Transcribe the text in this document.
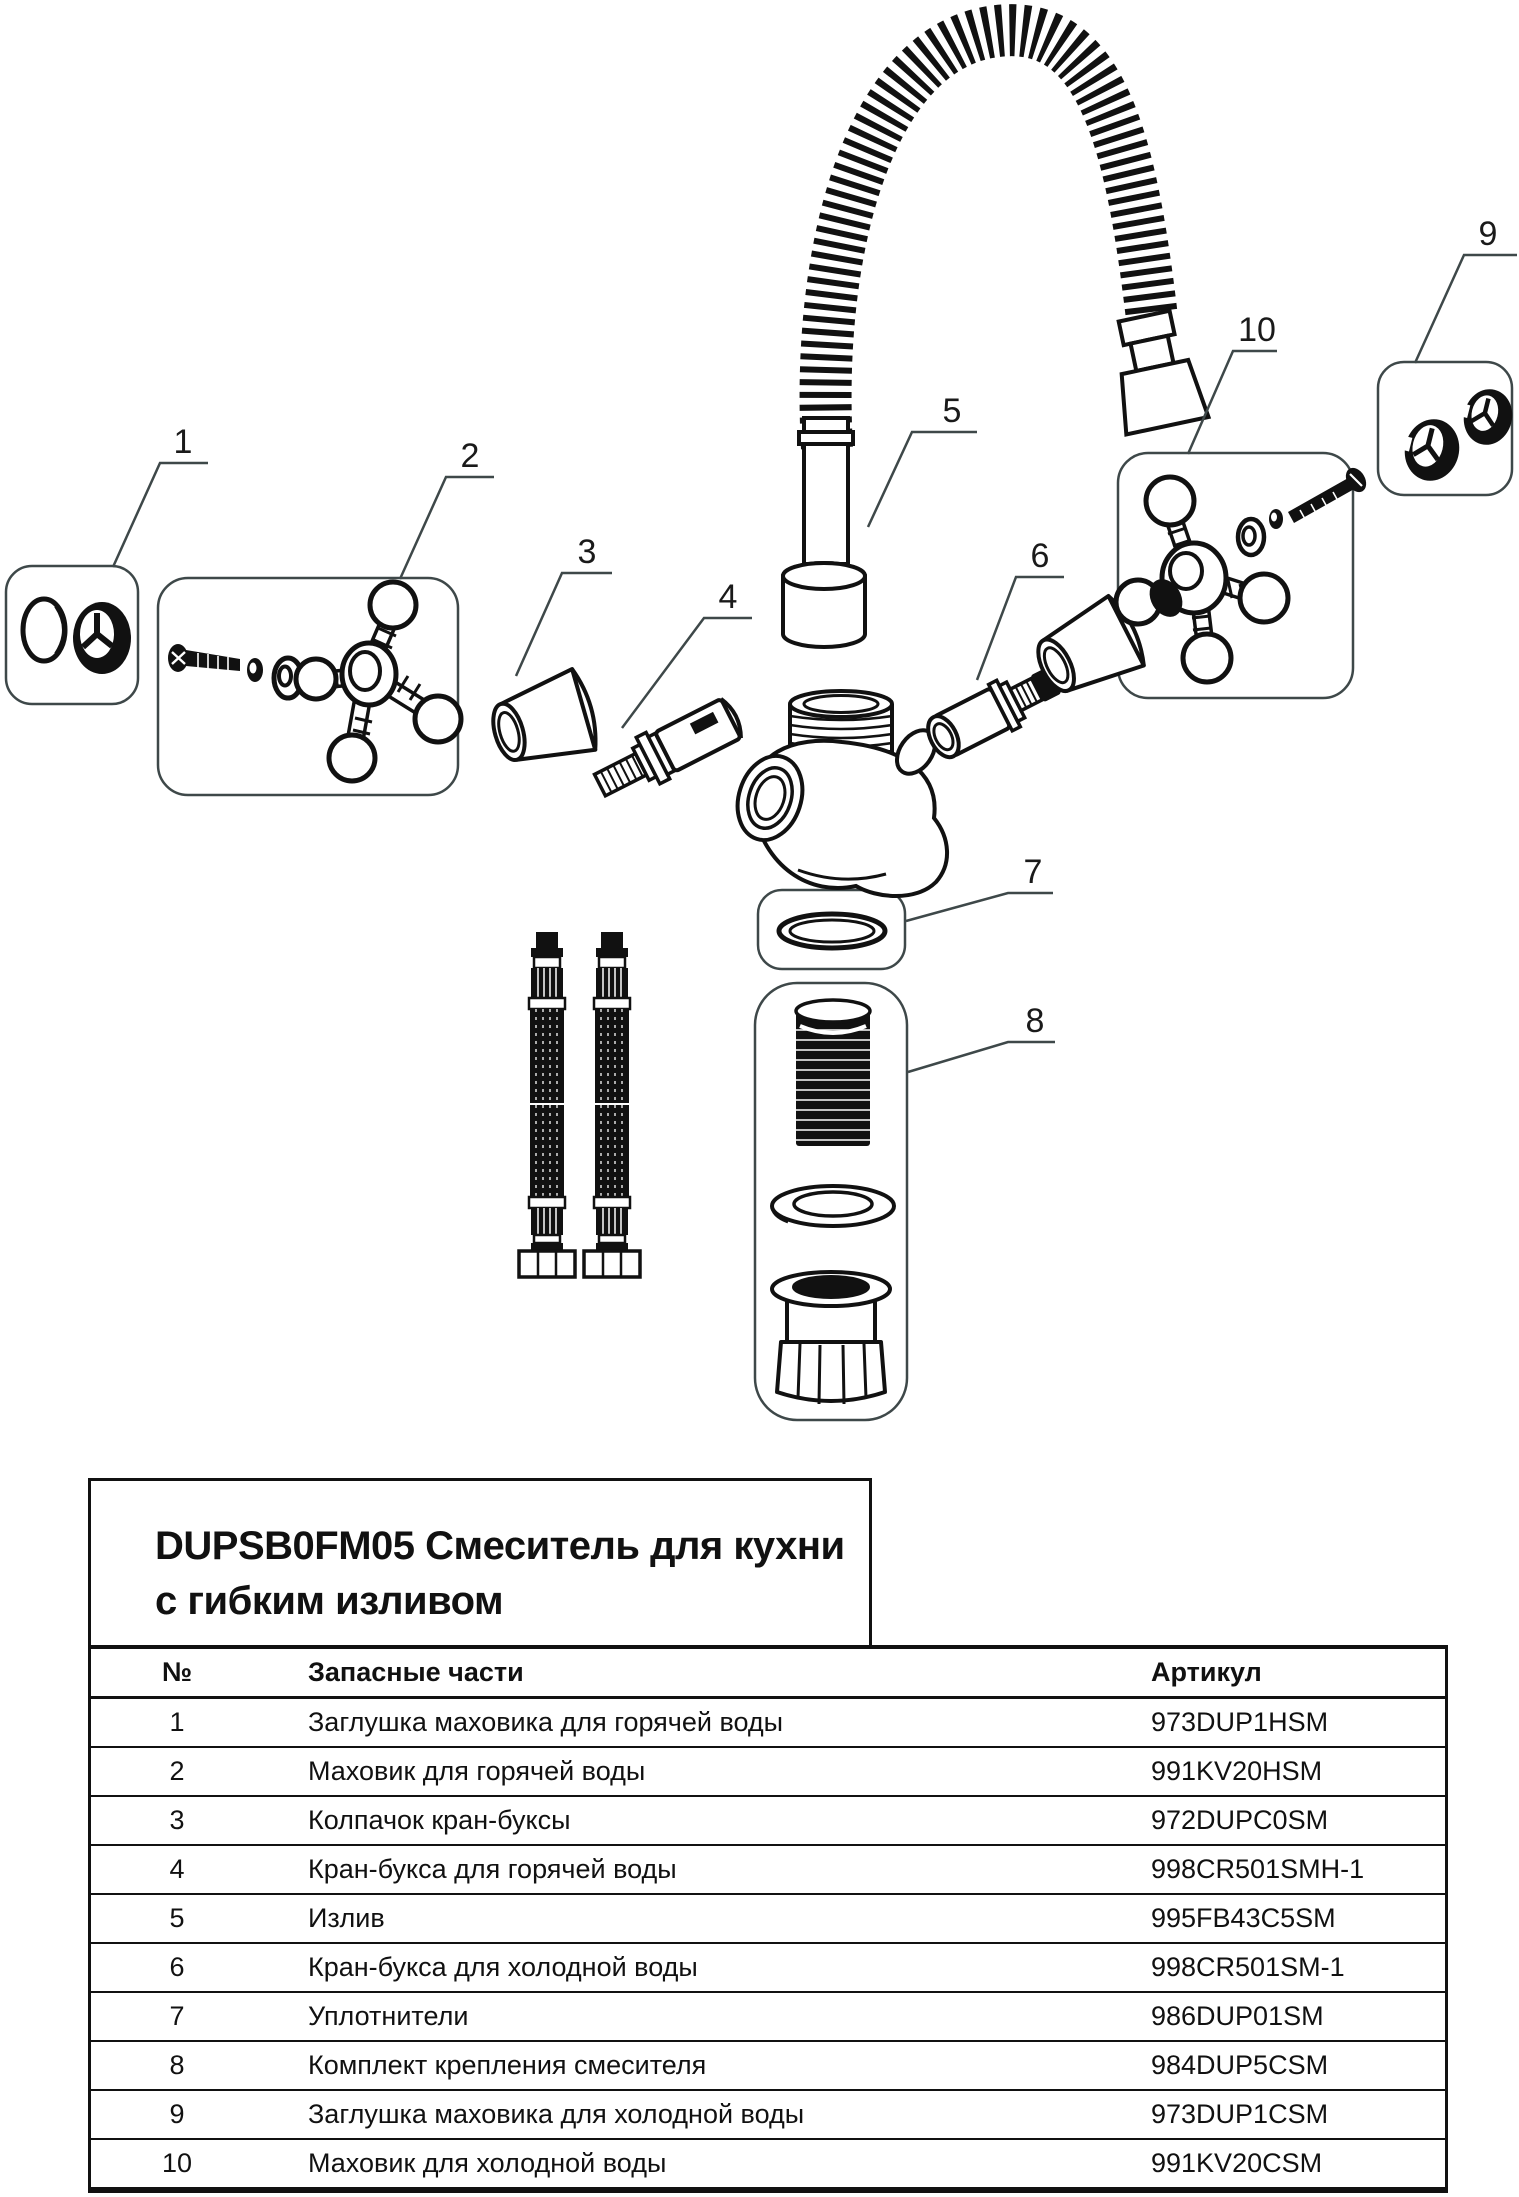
1	2
3
4
5
6
7
8
9
10
DUPSB0FM05 Смеситель для кухни
с гибким изливом
№	Запасные части	Артикул
1	Заглушка маховика для горячей воды	973DUP1HSM
2	Маховик для горячей воды	991KV20HSM
3	Колпачок кран-буксы	972DUPC0SM
4	Кран-букса для горячей воды	998CR501SMH-1
5	Излив	995FB43C5SM
6	Кран-букса для холодной воды	998CR501SM-1
7	Уплотнители	986DUP01SM
8	Комплект крепления смесителя	984DUP5CSM
9	Заглушка маховика для холодной воды	973DUP1CSM
10	Маховик для холодной воды	991KV20CSM
